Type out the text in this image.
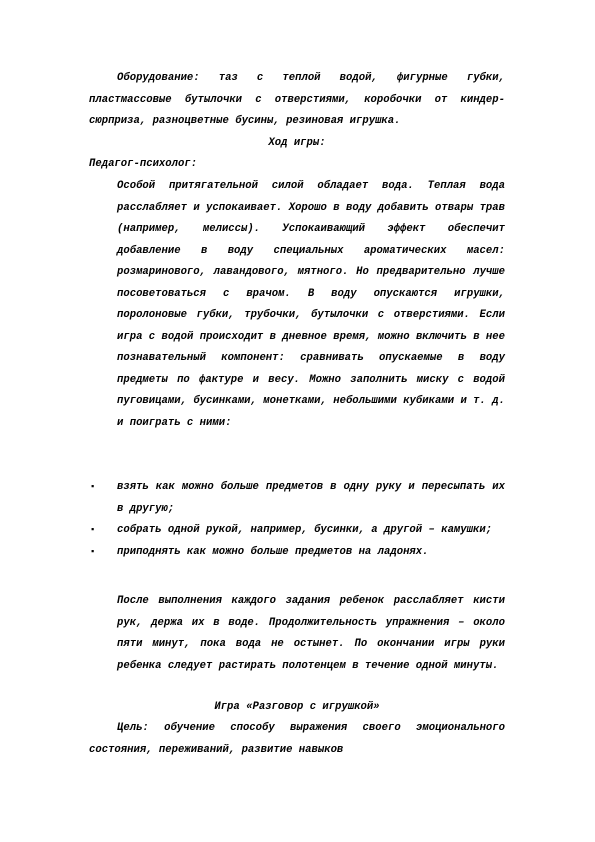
Оборудование: таз с теплой водой, фигурные губки, пластмассовые бутылочки с отверстиями, коробочки от киндер-сюрприза, разноцветные бусины, резиновая игрушка.
Ход игры:
Педагог-психолог:
Особой притягательной силой обладает вода. Теплая вода расслабляет и успокаивает. Хорошо в воду добавить отвары трав (например, мелиссы). Успокаивающий эффект обеспечит добавление в воду специальных ароматических масел: розмаринового, лавандового, мятного. Но предварительно лучше посоветоваться с врачом. В воду опускаются игрушки, поролоновые губки, трубочки, бутылочки с отверстиями. Если игра с водой происходит в дневное время, можно включить в нее познавательный компонент: сравнивать опускаемые в воду предметы по фактуре и весу. Можно заполнить миску с водой пуговицами, бусинками, монетками, небольшими кубиками и т. д. и поиграть с ними:
▪ взять как можно больше предметов в одну руку и пересыпать их в другую;
▪ собрать одной рукой, например, бусинки, а другой – камушки;
▪ приподнять как можно больше предметов на ладонях.
После выполнения каждого задания ребенок расслабляет кисти рук, держа их в воде. Продолжительность упражнения – около пяти минут, пока вода не остынет. По окончании игры руки ребенка следует растирать полотенцем в течение одной минуты.
Игра «Разговор с игрушкой»
Цель: обучение способу выражения своего эмоционального состояния, переживаний, развитие навыков
